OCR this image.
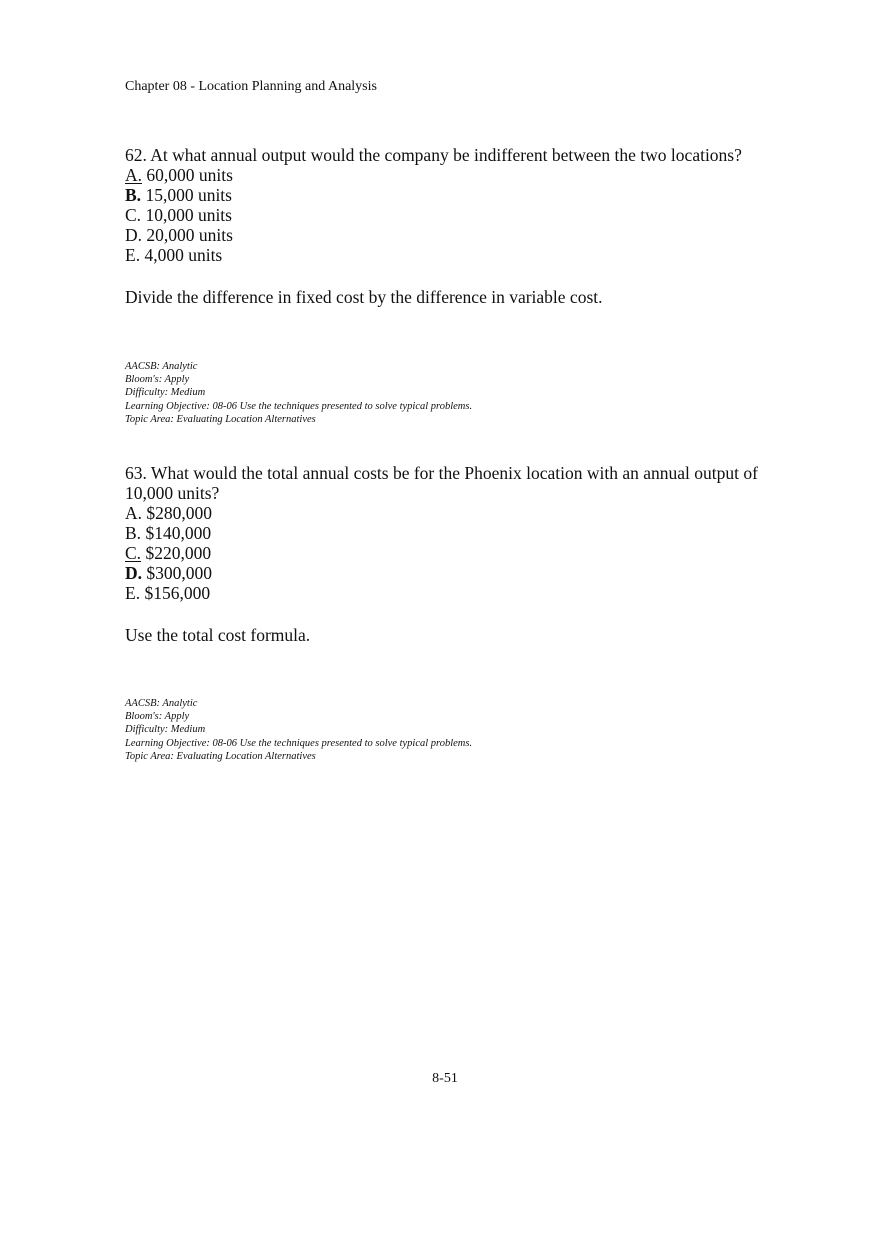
Chapter 08 - Location Planning and Analysis

62. At what annual output would the company be indifferent between the two locations?

A. 60,000 units
B. 15,000 units
C. 10,000 units
D. 20,000 units
E. 4,000 units

Divide the difference in fixed cost by the difference in variable cost.

AACSB: Analytic

Bloom's: Apply

Difficulty: Medium

Learning Objective: 08-06 Use the techniques presented to solve typical problems.

Topic Area: Evaluating Location Alternatives

63. What would the total annual costs be for the Phoenix location with an annual output of 10,000 units?

A. $280,000
B. $140,000
C. $220,000
D. $300,000
E. $156,000

Use the total cost formula.

AACSB: Analytic

Bloom's: Apply

Difficulty: Medium

Learning Objective: 08-06 Use the techniques presented to solve typical problems.

Topic Area: Evaluating Location Alternatives

8-51
